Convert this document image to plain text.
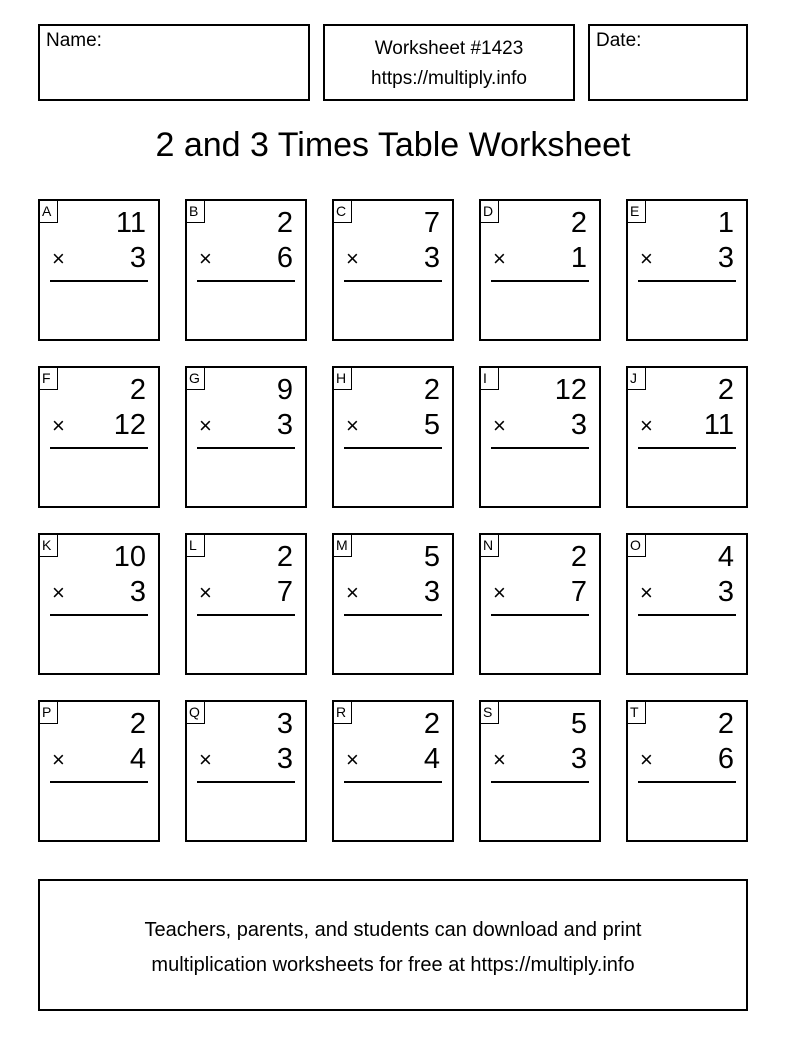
Name:	Worksheet #1423
https://multiply.info
Date:
2 and 3 Times Table Worksheet
A 11
× 3
B	2
× 6
C	7
× 3
D	2
× 1
E	1
× 3
F	2
× 12
G	9
× 3
H	2
× 5
I	12
× 3
J	2
× 11
K 10
× 3
L	2
× 7
M	5
× 3
N	2
× 7
O	4
× 3
P	2
× 4
Q	3
× 3
R	2
× 4
S	5
× 3
T	2
× 6
Teachers, parents, and students can download and print
multiplication worksheets for free at https://multiply.info
